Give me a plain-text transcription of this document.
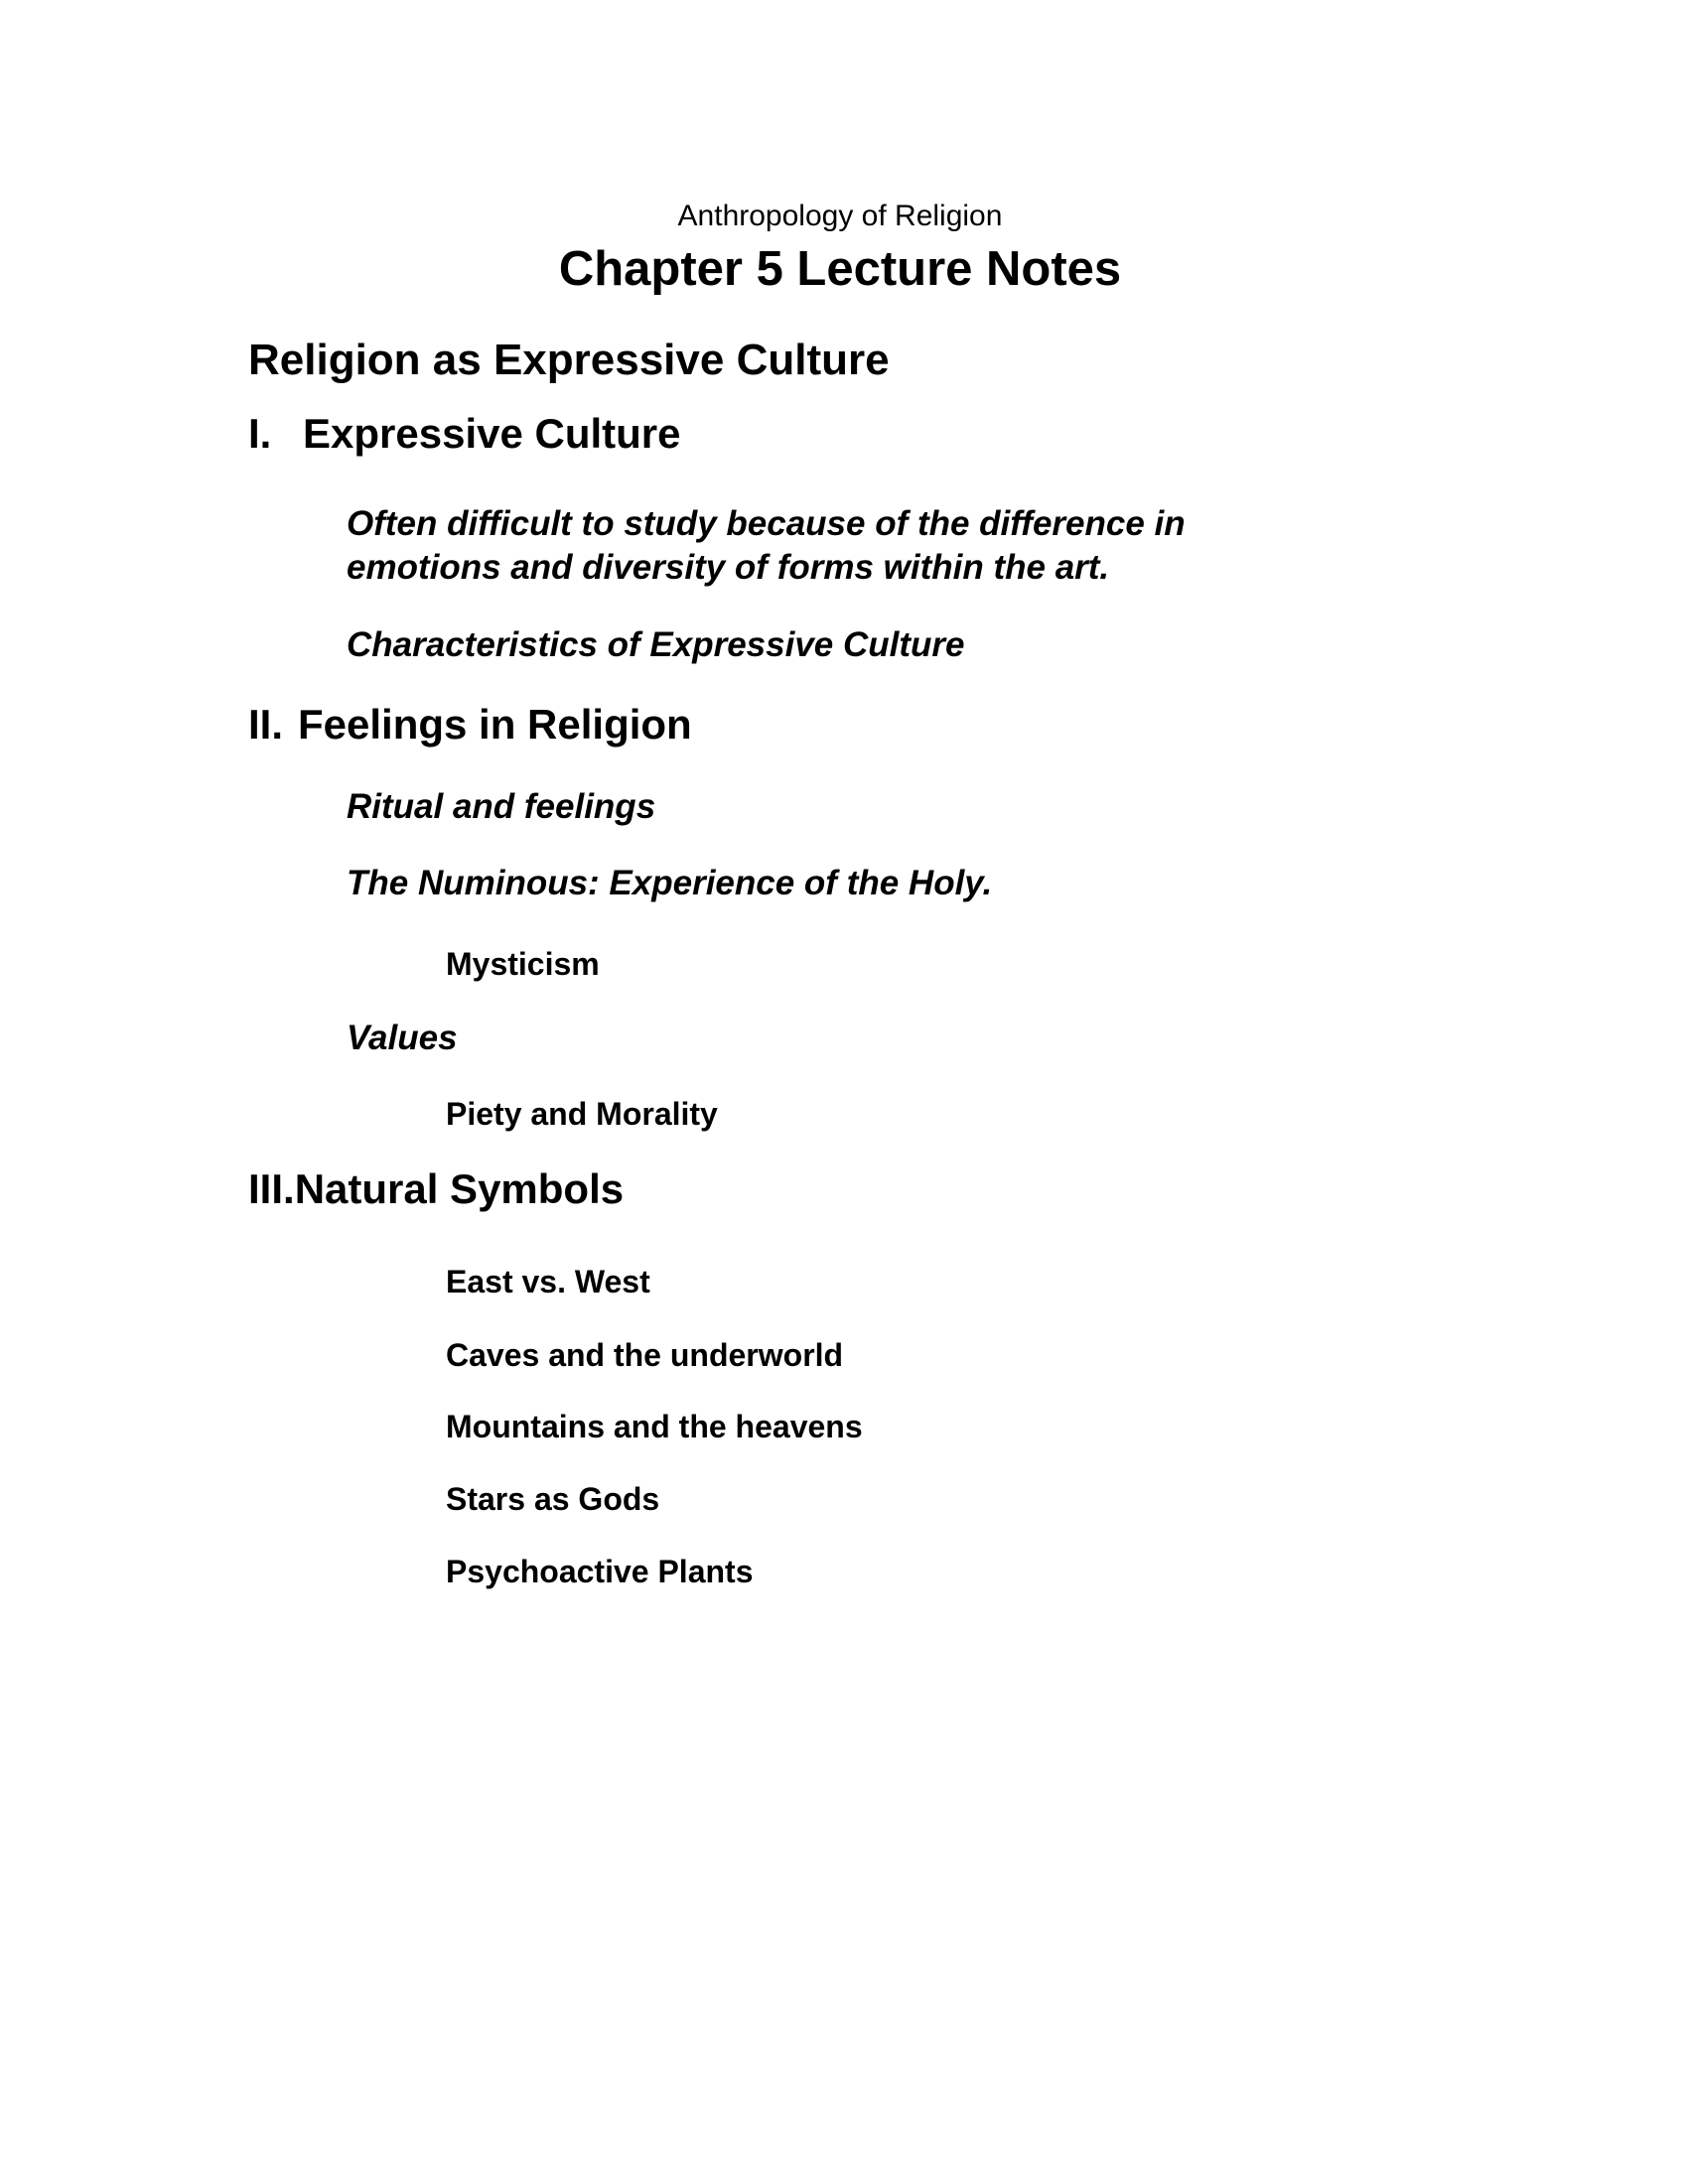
Anthropology of Religion
Chapter 5 Lecture Notes
Religion as Expressive Culture
I. Expressive Culture
Often difficult to study because of the difference in
emotions and diversity of forms within the art.
Characteristics of Expressive Culture
II. Feelings in Religion
Ritual and feelings
The Numinous: Experience of the Holy.
Mysticism
Values
Piety and Morality
III.Natural Symbols
East vs. West
Caves and the underworld
Mountains and the heavens
Stars as Gods
Psychoactive Plants
